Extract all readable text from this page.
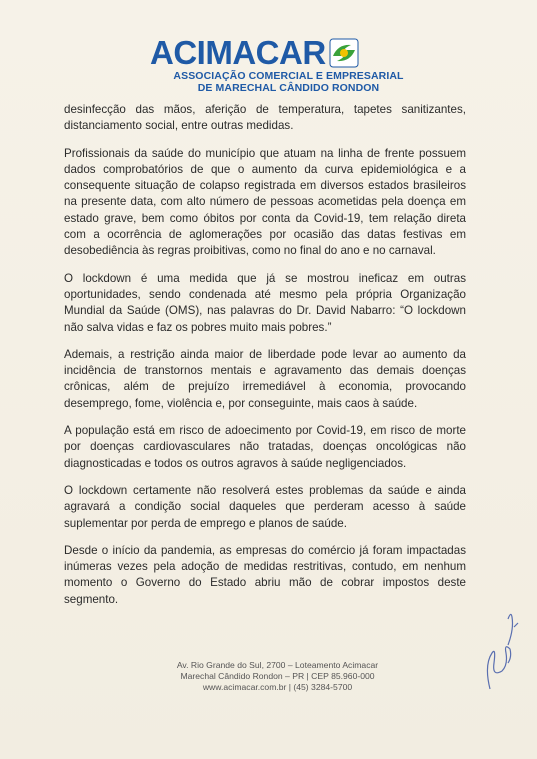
ACIMACAR
ASSOCIAÇÃO COMERCIAL E EMPRESARIAL
DE MARECHAL CÂNDIDO RONDON

desinfecção das mãos, aferição de temperatura, tapetes sanitizantes, distanciamento social, entre outras medidas.

Profissionais da saúde do município que atuam na linha de frente possuem dados comprobatórios de que o aumento da curva epidemiológica e a consequente situação de colapso registrada em diversos estados brasileiros na presente data, com alto número de pessoas acometidas pela doença em estado grave, bem como óbitos por conta da Covid-19, tem relação direta com a ocorrência de aglomerações por ocasião das datas festivas em desobediência às regras proibitivas, como no final do ano e no carnaval.

O lockdown é uma medida que já se mostrou ineficaz em outras oportunidades, sendo condenada até mesmo pela própria Organização Mundial da Saúde (OMS), nas palavras do Dr. David Nabarro: “O lockdown não salva vidas e faz os pobres muito mais pobres.”

Ademais, a restrição ainda maior de liberdade pode levar ao aumento da incidência de transtornos mentais e agravamento das demais doenças crônicas, além de prejuízo irremediável à economia, provocando desemprego, fome, violência e, por conseguinte, mais caos à saúde.

A população está em risco de adoecimento por Covid-19, em risco de morte por doenças cardiovasculares não tratadas, doenças oncológicas não diagnosticadas e todos os outros agravos à saúde negligenciados.

O lockdown certamente não resolverá estes problemas da saúde e ainda agravará a condição social daqueles que perderam acesso à saúde suplementar por perda de emprego e planos de saúde.

Desde o início da pandemia, as empresas do comércio já foram impactadas inúmeras vezes pela adoção de medidas restritivas, contudo, em nenhum momento o Governo do Estado abriu mão de cobrar impostos deste segmento.

Av. Rio Grande do Sul, 2700 – Loteamento Acimacar
Marechal Cândido Rondon – PR | CEP 85.960-000
www.acimacar.com.br | (45) 3284-5700
